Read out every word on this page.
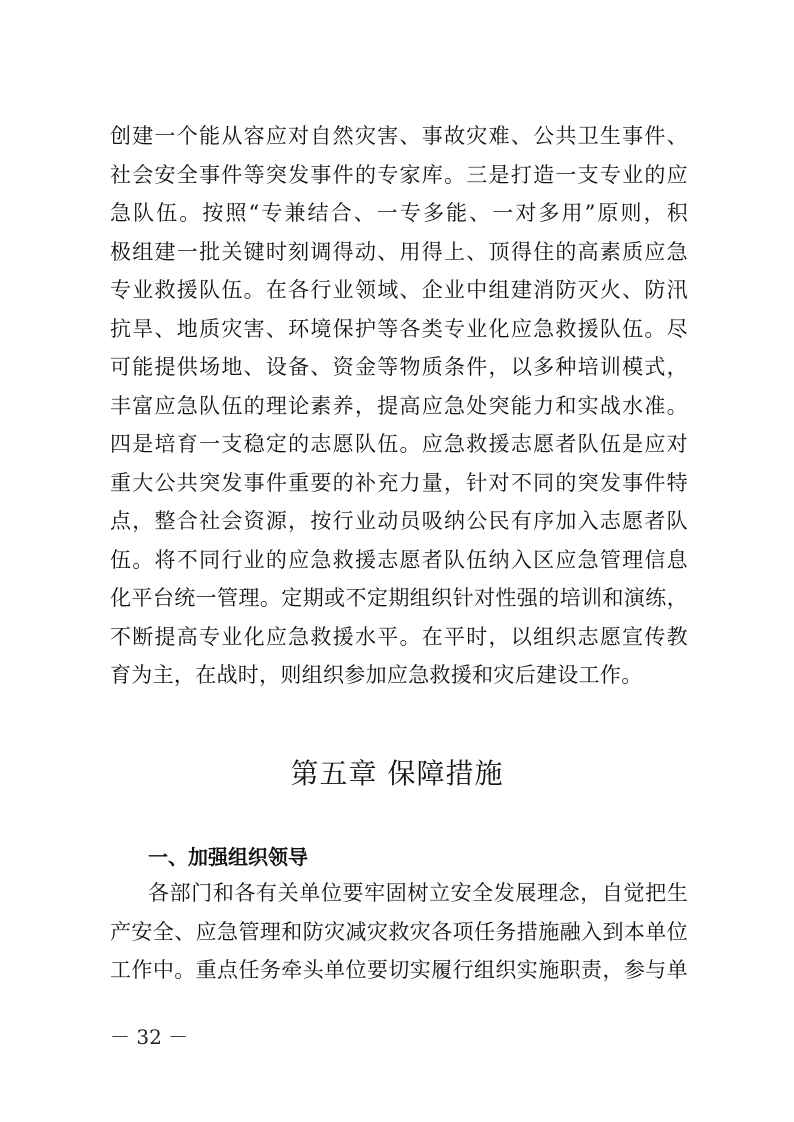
创建一个能从容应对自然灾害、事故灾难、公共卫生事件、
社会安全事件等突发事件的专家库。三是打造一支专业的应
急队伍。按照“专兼结合、一专多能、一对多用”原则，积
极组建一批关键时刻调得动、用得上、顶得住的高素质应急
专业救援队伍。在各行业领域、企业中组建消防灭火、防汛
抗旱、地质灾害、环境保护等各类专业化应急救援队伍。尽
可能提供场地、设备、资金等物质条件，以多种培训模式，
丰富应急队伍的理论素养，提高应急处突能力和实战水准。
四是培育一支稳定的志愿队伍。应急救援志愿者队伍是应对
重大公共突发事件重要的补充力量，针对不同的突发事件特
点，整合社会资源，按行业动员吸纳公民有序加入志愿者队
伍。将不同行业的应急救援志愿者队伍纳入区应急管理信息
化平台统一管理。定期或不定期组织针对性强的培训和演练，
不断提高专业化应急救援水平。在平时，以组织志愿宣传教
育为主，在战时，则组织参加应急救援和灾后建设工作。
第五章 保障措施
一、加强组织领导
各部门和各有关单位要牢固树立安全发展理念，自觉把生
产安全、应急管理和防灾减灾救灾各项任务措施融入到本单位
工作中。重点任务牵头单位要切实履行组织实施职责，参与单
－ 32 －
